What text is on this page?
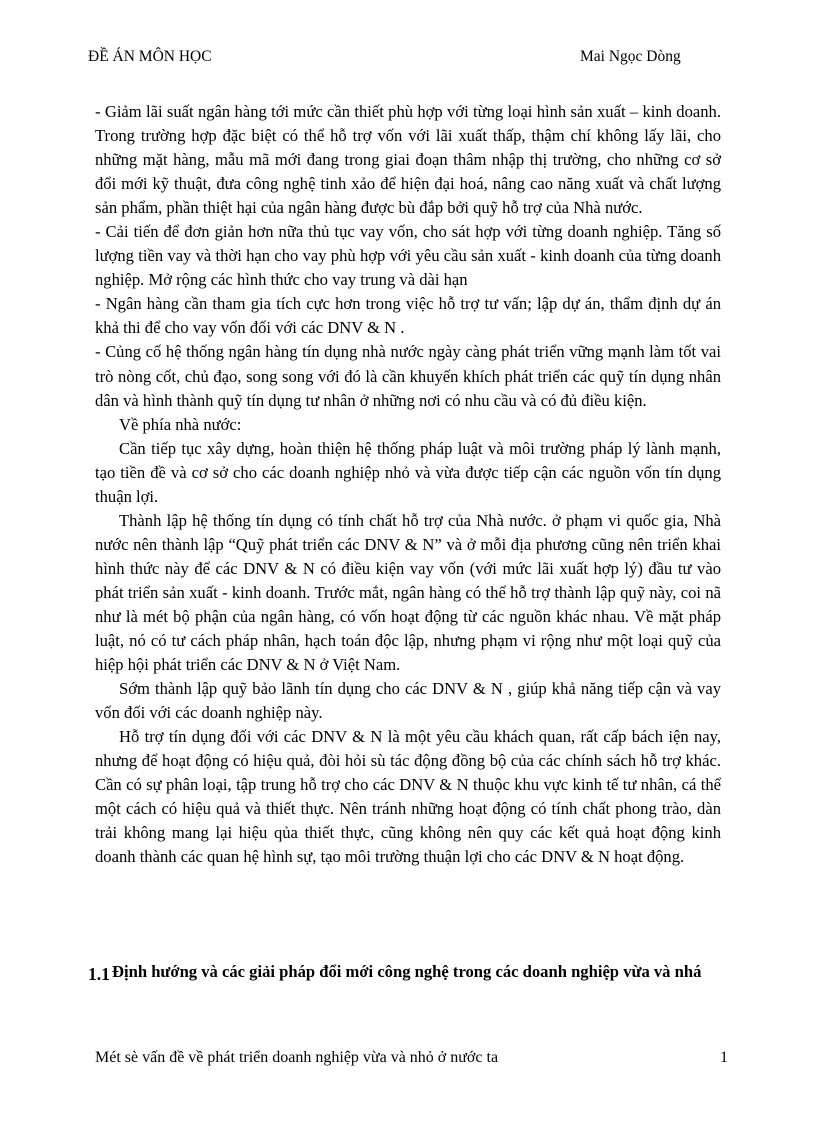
ĐỀ ÁN MÔN HỌC	Mai Ngọc Dòng

- Giảm lãi suất ngân hàng tới mức cần thiết phù hợp với từng loại hình sản xuất – kinh doanh. Trong trường hợp đặc biệt có thể hỗ trợ vốn với lãi xuất thấp, thậm chí không lấy lãi, cho những mặt hàng, mẫu mã mới đang trong giai đoạn thâm nhập thị trường, cho những cơ sở đổi mới kỹ thuật, đưa công nghệ tinh xảo để hiện đại hoá, nâng cao năng xuất và chất lượng sản phẩm, phần thiệt hại của ngân hàng được bù đắp bởi quỹ hỗ trợ của Nhà nước.

- Cải tiến để đơn giản hơn nữa thủ tục vay vốn, cho sát hợp với từng doanh nghiệp. Tăng số lượng tiền vay và thời hạn cho vay phù hợp với yêu cầu sản xuất - kinh doanh của từng doanh nghiệp. Mở rộng các hình thức cho vay trung và dài hạn

- Ngân hàng cần tham gia tích cực hơn trong việc hỗ trợ tư vấn; lập dự án, thẩm định dự án khả thi để cho vay vốn đối với các DNV & N .

- Củng cố hệ thống ngân hàng tín dụng nhà nước ngày càng phát triển vững mạnh làm tốt vai trò nòng cốt, chủ đạo, song song với đó là cần khuyến khích phát triển các quỹ tín dụng nhân dân và hình thành quỹ tín dụng tư nhân ở những nơi có nhu cầu và có đủ điều kiện.

Về phía nhà nước:

Cần tiếp tục xây dựng, hoàn thiện hệ thống pháp luật và môi trường pháp lý lành mạnh, tạo tiền đề và cơ sở cho các doanh nghiệp nhỏ và vừa được tiếp cận các nguồn vốn tín dụng thuận lợi.

Thành lập hệ thống tín dụng có tính chất hỗ trợ của Nhà nước. ở phạm vi quốc gia, Nhà nước nên thành lập “Quỹ phát triển các DNV & N” và ở mỗi địa phương cũng nên triển khai hình thức này để các DNV & N có điều kiện vay vốn (với mức lãi xuất hợp lý) đầu tư vào phát triển sản xuất - kinh doanh. Trước mắt, ngân hàng có thể hỗ trợ thành lập quỹ này, coi nã như là mét bộ phận của ngân hàng, có vốn hoạt động từ các nguồn khác nhau. Về mặt pháp luật, nó có tư cách pháp nhân, hạch toán độc lập, nhưng phạm vi rộng như một loại quỹ của hiệp hội phát triển các DNV & N ở Việt Nam.

Sớm thành lập quỹ bảo lãnh tín dụng cho các DNV & N , giúp khả năng tiếp cận và vay vốn đối với các doanh nghiệp này.

Hỗ trợ tín dụng đối với các DNV & N là một yêu cầu khách quan, rất cấp bách iện nay, nhưng để hoạt động có hiệu quả, đòi hỏi sù tác động đồng bộ của các chính sách hỗ trợ khác. Cần có sự phân loại, tập trung hỗ trợ cho các DNV & N thuộc khu vực kinh tế tư nhân, cá thể một cách có hiệu quả và thiết thực. Nên tránh những hoạt động có tính chất phong trào, dàn trải không mang lại hiệu qủa thiết thực, cũng không nên quy các kết quả hoạt động kinh doanh thành các quan hệ hình sự, tạo môi trường thuận lợi cho các DNV & N hoạt động.

1.1 Định hướng và các giải pháp đổi mới công nghệ trong các doanh nghiệp vừa và nhá
Mét sè vấn đề về phát triển doanh nghiệp vừa và nhỏ ở nước ta	1
